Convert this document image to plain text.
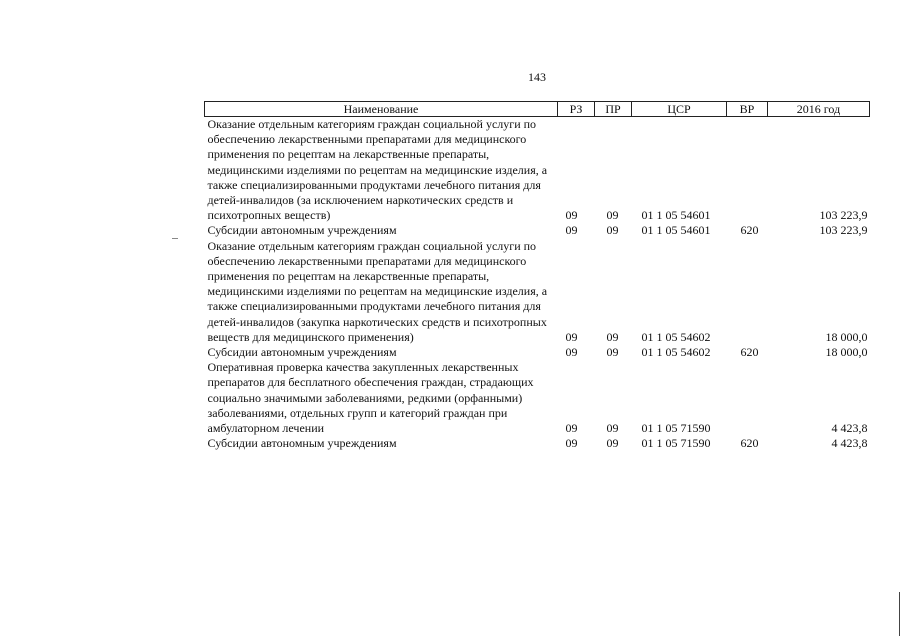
143
Наименование	РЗ	ПР	ЦСР	ВР	2016 год
Оказание отдельным категориям граждан социальной услуги по обеспечению лекарственными препаратами для медицинского применения по рецептам на лекарственные препараты, медицинскими изделиями по рецептам на медицинские изделия, а также специализированными продуктами лечебного питания для детей-инвалидов (за исключением наркотических средств и психотропных веществ)	09	09	01 1 05 54601		103 223,9
Субсидии автономным учреждениям	09	09	01 1 05 54601	620	103 223,9
Оказание отдельным категориям граждан социальной услуги по обеспечению лекарственными препаратами для медицинского применения по рецептам на лекарственные препараты, медицинскими изделиями по рецептам на медицинские изделия, а также специализированными продуктами лечебного питания для детей-инвалидов (закупка наркотических средств и психотропных веществ для медицинского применения)	09	09	01 1 05 54602		18 000,0
Субсидии автономным учреждениям	09	09	01 1 05 54602	620	18 000,0
Оперативная проверка качества закупленных лекарственных препаратов для бесплатного обеспечения граждан, страдающих социально значимыми заболеваниями, редкими (орфанными) заболеваниями, отдельных групп и категорий граждан при амбулаторном лечении	09	09	01 1 05 71590		4 423,8
Субсидии автономным учреждениям	09	09	01 1 05 71590	620	4 423,8
